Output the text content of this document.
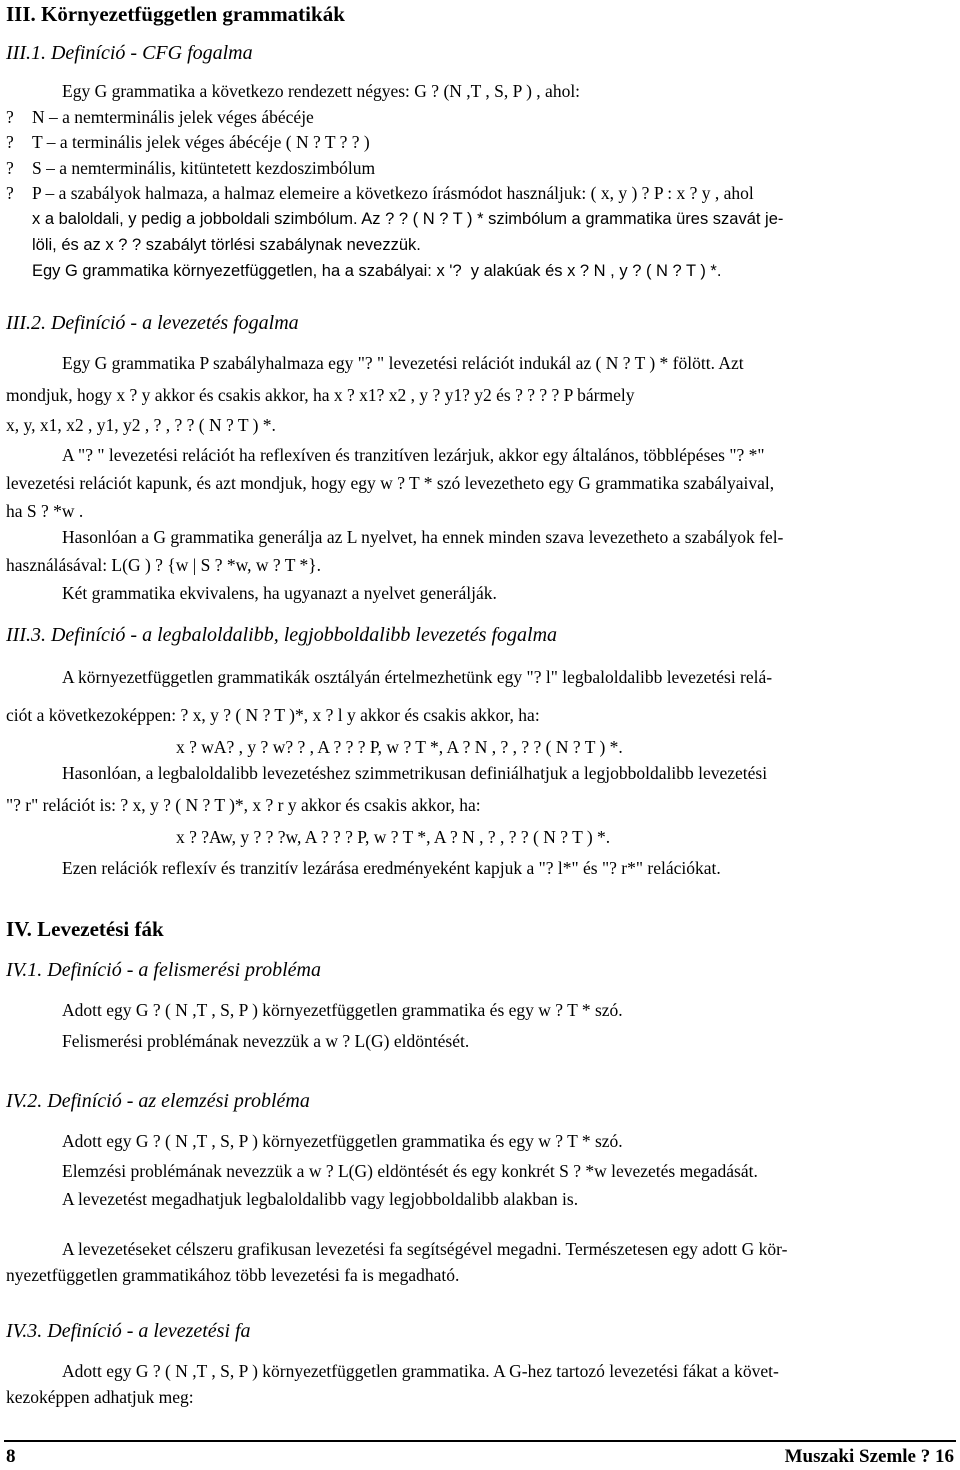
III. Környezetfüggetlen grammatikák
III.1. Definíció - CFG fogalma
Egy G grammatika a következo rendezett négyes: G ? (N ,T , S, P ) , ahol:
? N – a nemterminális jelek véges ábécéje
? T – a terminális jelek véges ábécéje ( N ? T ? ? )
? S – a nemterminális, kitüntetett kezdoszimbólum
? P – a szabályok halmaza, a halmaz elemeire a következo írásmódot használjuk: ( x, y ) ? P : x ? y , ahol
x a baloldali, y pedig a jobboldali szimbólum. Az ? ? ( N ? T ) * szimbólum a grammatika üres szavát je-
löli, és az x ? ? szabályt törlési szabálynak nevezzük.
Egy G grammatika környezetfüggetlen, ha a szabályai: x '?  y alakúak és x ? N , y ? ( N ? T ) *.
III.2. Definíció - a levezetés fogalma
Egy G grammatika P szabályhalmaza egy "? " levezetési relációt indukál az ( N ? T ) * fölött. Azt
mondjuk, hogy x ? y akkor és csakis akkor, ha x ? x1? x2 , y ? y1? y2 és ? ? ? ? P bármely
x, y, x1, x2 , y1, y2 , ? , ? ? ( N ? T ) *.
A "? " levezetési relációt ha reflexíven és tranzitíven lezárjuk, akkor egy általános, többlépéses "? *"
levezetési relációt kapunk, és azt mondjuk, hogy egy w ? T * szó levezetheto egy G grammatika szabályaival,
ha S ? *w .
Hasonlóan a G grammatika generálja az L nyelvet, ha ennek minden szava levezetheto a szabályok fel-
használásával: L(G ) ? {w | S ? *w, w ? T *}.
Két grammatika ekvivalens, ha ugyanazt a nyelvet generálják.
III.3. Definíció - a legbaloldalibb, legjobboldalibb levezetés fogalma
A környezetfüggetlen grammatikák osztályán értelmezhetünk egy "? l" legbaloldalibb levezetési relá-
ciót a következoképpen: ? x, y ? ( N ? T )*, x ? l y akkor és csakis akkor, ha:
x ? wA? , y ? w? ? , A ? ? ? P, w ? T *, A ? N , ? , ? ? ( N ? T ) *.
Hasonlóan, a legbaloldalibb levezetéshez szimmetrikusan definiálhatjuk a legjobboldalibb levezetési
"? r" relációt is: ? x, y ? ( N ? T )*, x ? r y akkor és csakis akkor, ha:
x ? ?Aw, y ? ? ?w, A ? ? ? P, w ? T *, A ? N , ? , ? ? ( N ? T ) *.
Ezen relációk reflexív és tranzitív lezárása eredményeként kapjuk a "? l*" és "? r*" relációkat.
IV. Levezetési fák
IV.1. Definíció - a felismerési probléma
Adott egy G ? ( N ,T , S, P ) környezetfüggetlen grammatika és egy w ? T * szó.
Felismerési problémának nevezzük a w ? L(G) eldöntését.
IV.2. Definíció - az elemzési probléma
Adott egy G ? ( N ,T , S, P ) környezetfüggetlen grammatika és egy w ? T * szó.
Elemzési problémának nevezzük a w ? L(G) eldöntését és egy konkrét S ? *w levezetés megadását.
A levezetést megadhatjuk legbaloldalibb vagy legjobboldalibb alakban is.
A levezetéseket célszeru grafikusan levezetési fa segítségével megadni. Természetesen egy adott G kör-
nyezetfüggetlen grammatikához több levezetési fa is megadható.
IV.3. Definíció - a levezetési fa
Adott egy G ? ( N ,T , S, P ) környezetfüggetlen grammatika. A G-hez tartozó levezetési fákat a követ-
kezoképpen adhatjuk meg:
8	Muszaki Szemle ? 16
